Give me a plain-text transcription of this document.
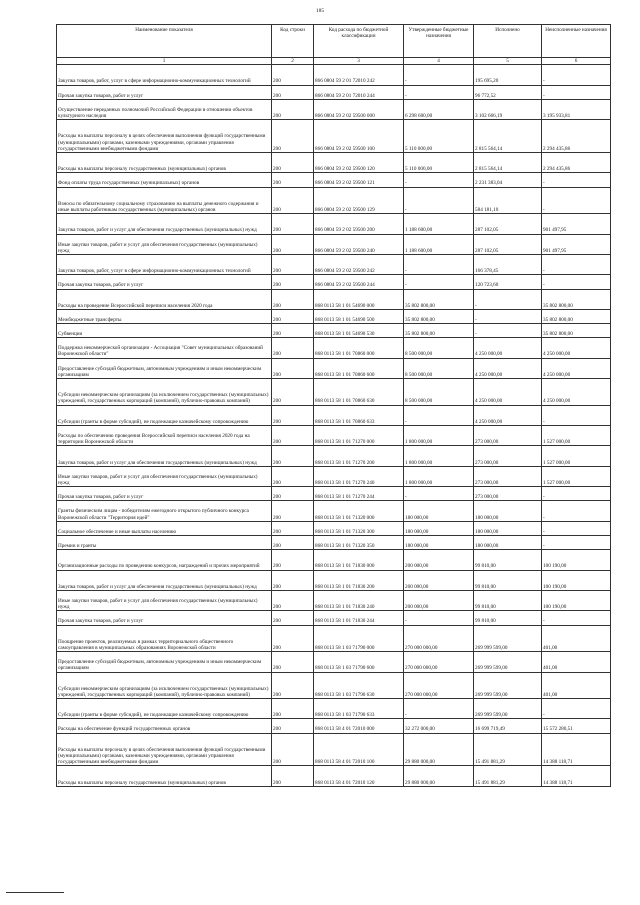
185
Наименование показателя	Код строки	Код расхода по бюджетной классификации	Утвержденные бюджетные назначения	Исполнено	Неисполненные назначения
1	2	3	4	5	6
Закупка товаров, работ, услуг в сфере информационно-коммуникационных технологий	200	866 0804 59 2 01 72010 242	-	195 695,20	-
Прочая закупка товаров, работ и услуг	200	866 0804 59 2 01 72010 244	-	96 772,52	-
Осуществление переданных полномочий Российской Федерации в отношении объектов культурного наследия	200	866 0804 59 2 02 59500 000	6 298 600,00	3 102 666,19	3 195 933,81
Расходы на выплаты персоналу в целях обеспечения выполнения функций государственными (муниципальными) органами, казенными учреждениями, органами управления государственными внебюджетными фондами	200	866 0804 59 2 02 59500 100	5 110 000,00	2 815 564,14	2 294 435,86
Расходы на выплаты персоналу государственных (муниципальных) органов	200	866 0804 59 2 02 59500 120	5 110 000,00	2 815 564,14	2 294 435,86
Фонд оплаты труда государственных (муниципальных) органов	200	866 0804 59 2 02 59500 121	-	2 231 383,04	-
Взносы по обязательному социальному страхованию на выплаты денежного содержания и иные выплаты работникам государственных (муниципальных) органов	200	866 0804 59 2 02 59500 129	-	584 181,10	-
Закупка товаров, работ и услуг для обеспечения государственных (муниципальных) нужд	200	866 0804 59 2 02 59500 200	1 188 600,00	287 102,05	901 497,95
Иные закупки товаров, работ и услуг для обеспечения государственных (муниципальных) нужд	200	866 0804 59 2 02 59500 240	1 188 600,00	287 102,05	901 497,95
Закупка товаров, работ, услуг в сфере информационно-коммуникационных технологий	200	866 0804 59 2 02 59500 242	-	166 378,45	-
Прочая закупка товаров, работ и услуг	200	866 0804 59 2 02 59500 244	-	120 723,60	-
Расходы на проведение Всероссийской переписи населения 2020 года	200	868 0113 58 1 01 54690 000	35 802 800,00	-	35 802 800,00
Межбюджетные трансферты	200	868 0113 58 1 01 54690 500	35 802 800,00	-	35 802 800,00
Субвенции	200	868 0113 58 1 01 54690 530	35 802 800,00	-	35 802 800,00
Поддержка некоммерческой организации - Ассоциация "Совет муниципальных образований Воронежской области"	200	868 0113 58 1 01 70860 000	8 500 000,00	4 250 000,00	4 250 000,00
Предоставление субсидий бюджетным, автономным учреждениям и иным некоммерческим организациям	200	868 0113 58 1 01 70860 600	8 500 000,00	4 250 000,00	4 250 000,00
Субсидии некоммерческим организациям (за исключением государственных (муниципальных) учреждений, государственных корпораций (компаний), публично-правовых компаний)	200	868 0113 58 1 01 70860 630	8 500 000,00	4 250 000,00	4 250 000,00
Субсидии (гранты в форме субсидий), не подлежащие казначейскому сопровождению	200	868 0113 58 1 01 70860 633	-	4 250 000,00	-
Расходы по обеспечению проведения Всероссийской переписи населения 2020 года на территории Воронежской области	200	868 0113 58 1 01 71270 000	1 800 000,00	273 000,00	1 527 000,00
Закупка товаров, работ и услуг для обеспечения государственных (муниципальных) нужд	200	868 0113 58 1 01 71270 200	1 800 000,00	273 000,00	1 527 000,00
Иные закупки товаров, работ и услуг для обеспечения государственных (муниципальных) нужд	200	868 0113 58 1 01 71270 240	1 800 000,00	273 000,00	1 527 000,00
Прочая закупка товаров, работ и услуг	200	868 0113 58 1 01 71270 244	-	273 000,00	-
Гранты физическим лицам - победителям ежегодного открытого публичного конкурса Воронежской области "Территория идей"	200	868 0113 58 1 01 71320 000	180 000,00	180 000,00	-
Социальное обеспечение и иные выплаты населению	200	868 0113 58 1 01 71320 300	180 000,00	180 000,00	-
Премии и гранты	200	868 0113 58 1 01 71320 350	180 000,00	180 000,00	-
Организационные расходы по проведению конкурсов, награждений и прочих мероприятий	200	868 0113 58 1 01 71830 000	200 000,00	99 810,00	100 190,00
Закупка товаров, работ и услуг для обеспечения государственных (муниципальных) нужд	200	868 0113 58 1 01 71830 200	200 000,00	99 810,00	100 190,00
Иные закупки товаров, работ и услуг для обеспечения государственных (муниципальных) нужд	200	868 0113 58 1 01 71830 240	200 000,00	99 810,00	100 190,00
Прочая закупка товаров, работ и услуг	200	868 0113 58 1 01 71830 244	-	99 810,00	-
Поощрение проектов, реализуемых в рамках территориального общественного самоуправления в муниципальных образованиях Воронежской области	200	868 0113 58 1 03 71790 000	270 000 000,00	269 999 599,00	401,00
Предоставление субсидий бюджетным, автономным учреждениям и иным некоммерческим организациям	200	868 0113 58 1 03 71790 600	270 000 000,00	269 999 599,00	401,00
Субсидии некоммерческим организациям (за исключением государственных (муниципальных) учреждений, государственных корпораций (компаний), публично-правовых компаний)	200	868 0113 58 1 03 71790 630	270 000 000,00	269 999 599,00	401,00
Субсидии (гранты в форме субсидий), не подлежащие казначейскому сопровождению	200	868 0113 58 1 03 71790 633	-	269 999 599,00	-
Расходы на обеспечение функций государственных органов	200	868 0113 58 4 01 72010 000	32 272 000,00	16 699 719,49	15 572 280,51
Расходы на выплаты персоналу в целях обеспечения выполнения функций государственными (муниципальными) органами, казенными учреждениями, органами управления государственными внебюджетными фондами	200	868 0113 58 4 01 72010 100	29 880 000,00	15 491 881,29	14 388 118,71
Расходы на выплаты персоналу государственных (муниципальных) органов	200	868 0113 58 4 01 72010 120	29 880 000,00	15 491 881,29	14 388 118,71
